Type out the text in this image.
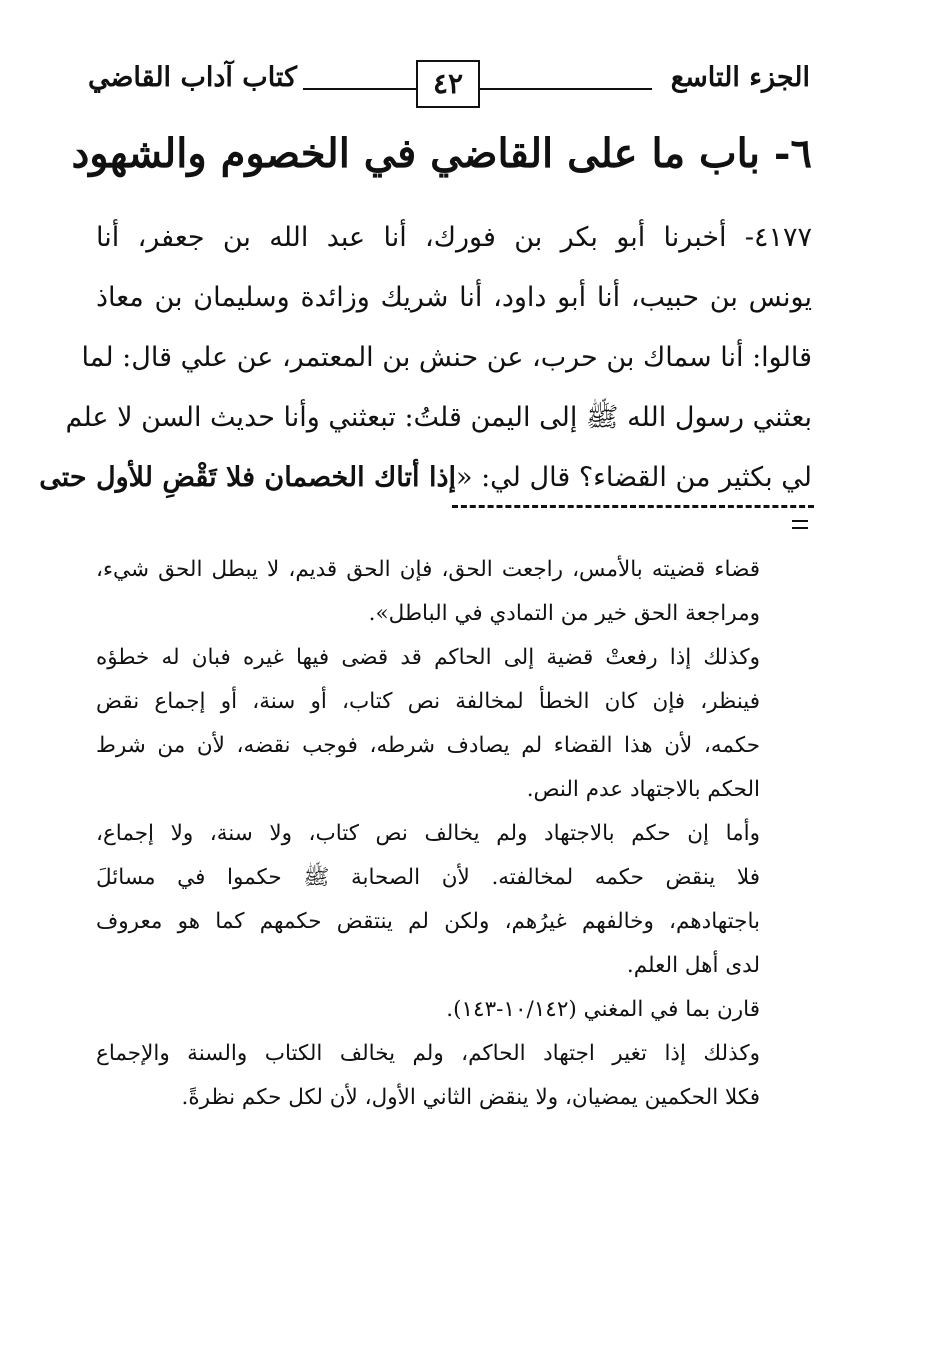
الجزء التاسع
٤٢
كتاب آداب القاضي
٦- باب ما على القاضي في الخصوم والشهود
٤١٧٧- أخبرنا أبو بكر بن فورك، أنا عبد الله بن جعفر، أنا
يونس بن حبيب، أنا أبو داود، أنا شريك وزائدة وسليمان بن معاذ
قالوا: أنا سماك بن حرب، عن حنش بن المعتمر، عن علي قال: لما
بعثني رسول الله ﷺ إلى اليمن قلتُ: تبعثني وأنا حديث السن لا علم
لي بكثير من القضاء؟ قال لي: «إذا أتاك الخصمان فلا تَقْضِ للأول حتى
قضاء قضيته بالأمس، راجعت الحق، فإن الحق قديم، لا يبطل الحق شيء،
ومراجعة الحق خير من التمادي في الباطل».
وكذلك إذا رفعتْ قضية إلى الحاكم قد قضى فيها غيره فبان له خطؤه
فينظر، فإن كان الخطأ لمخالفة نص كتاب، أو سنة، أو إجماع نقض
حكمه، لأن هذا القضاء لم يصادف شرطه، فوجب نقضه، لأن من شرط
الحكم بالاجتهاد عدم النص.
وأما إن حكم بالاجتهاد ولم يخالف نص كتاب، ولا سنة، ولا إجماع،
فلا ينقض حكمه لمخالفته. لأن الصحابة ﷺ حكموا في مسائلَ
باجتهادهم، وخالفهم غيرُهم، ولكن لم ينتقض حكمهم كما هو معروف
لدى أهل العلم.
قارن بما في المغني (١٠/١٤٢-١٤٣).
وكذلك إذا تغير اجتهاد الحاكم، ولم يخالف الكتاب والسنة والإجماع
فكلا الحكمين يمضيان، ولا ينقض الثاني الأول، لأن لكل حكم نظرةً.
